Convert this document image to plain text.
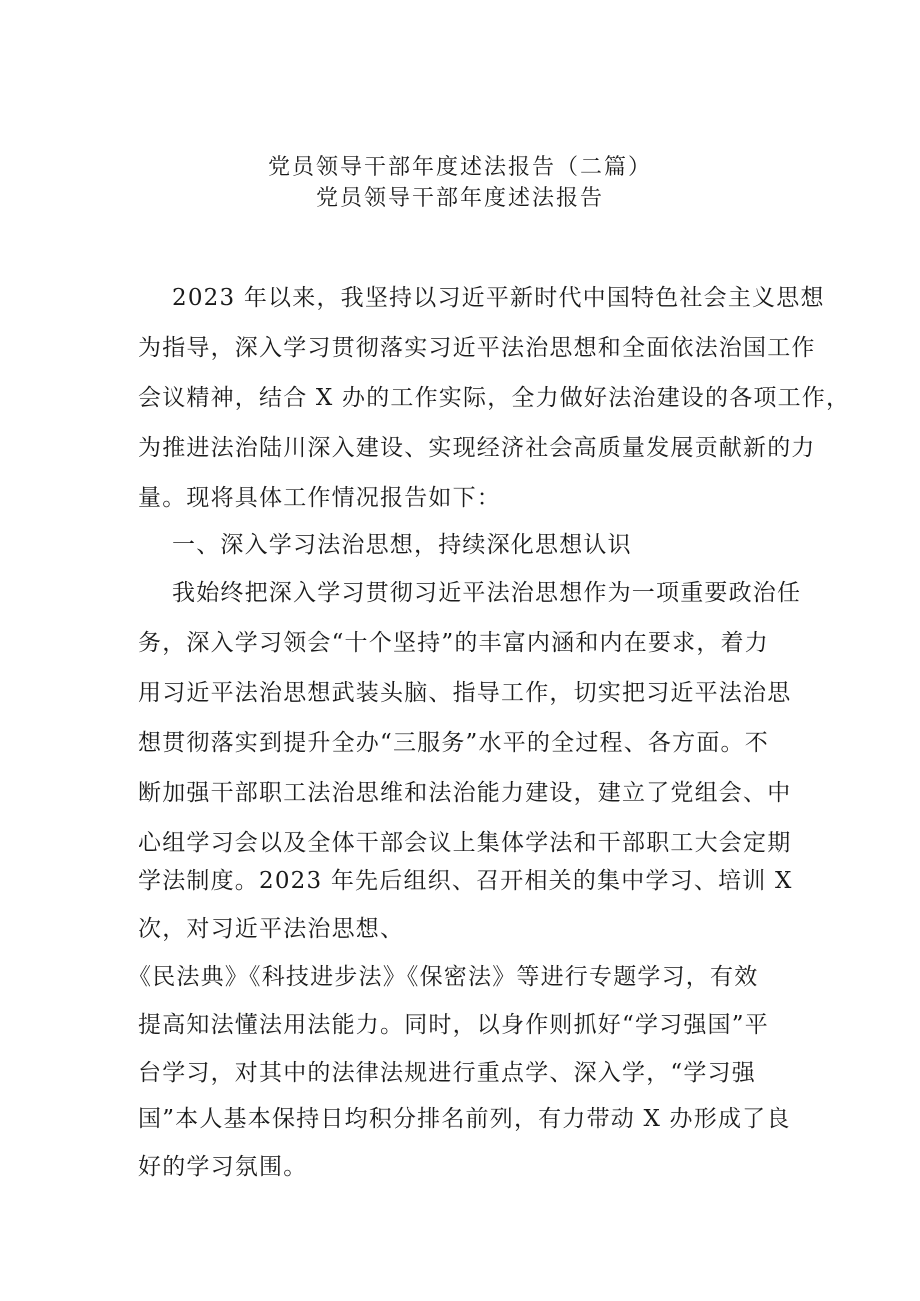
党员领导干部年度述法报告（二篇）
党员领导干部年度述法报告
2023 年以来，我坚持以习近平新时代中国特色社会主义思想
为指导，深入学习贯彻落实习近平法治思想和全面依法治国工作
会议精神，结合 X 办的工作实际，全力做好法治建设的各项工作，
为推进法治陆川深入建设、实现经济社会高质量发展贡献新的力
量。现将具体工作情况报告如下：
一、深入学习法治思想，持续深化思想认识
我始终把深入学习贯彻习近平法治思想作为一项重要政治任
务，深入学习领会“十个坚持”的丰富内涵和内在要求，着力
用习近平法治思想武装头脑、指导工作，切实把习近平法治思
想贯彻落实到提升全办“三服务”水平的全过程、各方面。不
断加强干部职工法治思维和法治能力建设，建立了党组会、中
心组学习会以及全体干部会议上集体学法和干部职工大会定期
学法制度。2023 年先后组织、召开相关的集中学习、培训 X
次，对习近平法治思想、
《民法典》《科技进步法》《保密法》等进行专题学习，有效
提高知法懂法用法能力。同时，以身作则抓好“学习强国”平
台学习，对其中的法律法规进行重点学、深入学，“学习强
国”本人基本保持日均积分排名前列，有力带动 X 办形成了良
好的学习氛围。
